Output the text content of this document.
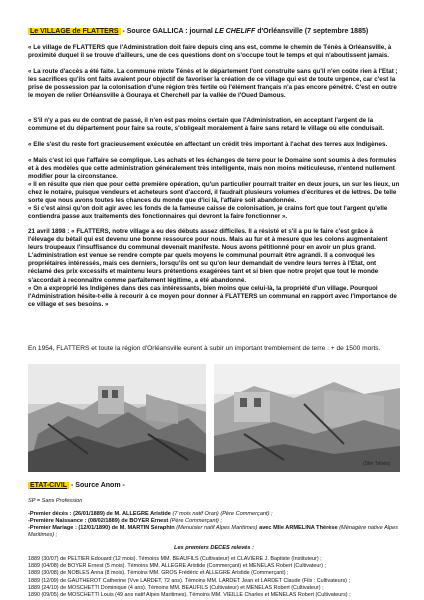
Le VILLAGE de FLATTERS - Source GALLICA : journal LE CHELIFF d'Orléansville (7 septembre 1885)

« Le village de FLATTERS que l'Administration doit faire depuis cinq ans est, comme le chemin de Ténès à Orléansville, à proximité duquel il se trouve d'ailleurs, une de ces questions dont on s'occupe tout le temps et qui n'aboutissent jamais.

« La route d'accès a été faite. La commune mixte Ténès et le département l'ont construite sans qu'il n'en coûte rien à l'Etat ; les sacrifices qu'ils ont faits avaient pour objectif de favoriser la création de ce village qui est de toute urgence, car c'est la prise de possession par la colonisation d'une région très fertile où l'élément français n'a pas encore pénétré. C'est en outre le moyen de relier Orléansville à Gouraya et Cherchell par la vallée de l'Oued Damous.

« S'il n'y a pas eu de contrat de passé, il n'en est pas moins certain que l'Administration, en acceptant l'argent de la commune et du département pour faire sa route, s'obligeait moralement à faire sans retard le village où elle conduisait.

« Elle s'est du reste fort gracieusement exécutée en affectant un crédit très important à l'achat des terres aux Indigènes.

« Mais c'est ici que l'affaire se complique. Les achats et les échanges de terre pour le Domaine sont soumis à des formules et à des modèles que cette administration généralement très intelligente, mais non moins méticuleuse, n'entend nullement modifier pour la circonstance.

« Il en résulte que rien que pour cette première opération, qu'un particulier pourrait traiter en deux jours, un sur les lieux, un chez le notaire, puisque vendeurs et acheteurs sont d'accord, il faudrait plusieurs volumes d'écritures et de lettres. De telle sorte que nous avons toutes les chances du monde que d'ici là, l'affaire soit abandonnée.

« Si c'est ainsi qu'on doit agir avec les fonds de la fameuse caisse de colonisation, je crains fort que tout l'argent qu'elle contiendra passe aux traitements des fonctionnaires qui devront la faire fonctionner ».

21 avril 1898 : « FLATTERS, notre village a eu des débuts assez difficiles. Il a résisté et s'il a pu le faire c'est grâce à l'élevage du bétail qui est devenu une bonne ressource pour nous. Mais au fur et à mesure que les colons augmentaient leurs troupeaux l'insuffisance du communal devenait manifeste. Nous avons pétitionné pour en avoir un plus grand. L'administration est venue se rendre compte par quels moyens le communal pourrait être agrandi. Il a convoqué les propriétaires intéressés, mais ces derniers, lorsqu'ils ont su qu'on leur demandait de vendre leurs terres à l'Etat, ont réclamé des prix excessifs et maintenu leurs prétentions exagérées tant et si bien que notre projet que tout le monde s'accordait à reconnaître comme parfaitement légitime, a été abandonné.

« On a exproprié les Indigènes dans des cas intéressants, bien moins que celui-là, la propriété d'un village. Pourquoi l'Administration hésite-t-elle à recourir à ce moyen pour donner à FLATTERS un communal en rapport avec l'importance de ce village et ses besoins. »

En 1954, FLATTERS et toute la région d'Orléansville eurent à subir un important tremblement de terre : + de 1500 morts.
(Site Ténès)
ETAT-CIVIL - Source Anom -
SP = Sans Profession
-Premier décès : (26/01/1889) de M. ALLEGRE Aristide (7 mois natif Oran) (Père Commerçant) ;
-Première Naissance : (08/02/1889) de BOYER Ernest (Père Commerçant) ;
-Premier Mariage : (12/01/1890) de M. MARTIN Séraphin (Menuisier natif Alpes Maritimes) avec Mlle ARMELINA Thérèse (Ménagère native Alpes Maritimes) ;
Les premiers DECES relevés :
1889 (30/07) de PELTIER Edouard (12 mois). Témoins MM. BEAUFILS (Cultivateur) et CLAVIERE J. Baptiste (Instituteur) ;
1889 (04/08) de BOYER Ernest (5 mois). Témoins MM. ALLEGRE Aristide (Commerçant) et MENELAS Robert (Cultivateur) ;
1889 (30/08) de NOBLES Anna (8 mois). Témoins MM. GROS Frédéric et ALLEGRE Aristide (Commerçant) ;
1889 (12/09) de GAUTHEROT Catherine (Vve LARDET, 72 ans). Témoins MM. LARDET Jean et LARDET Claude (Fils : Cultivateurs) ;
1889 (24/10) de MOSCHETTI Dominique (4 ans). Témoins MM. BEAUFILS (Cultivateur) et MENELAS Robert (Cultivateur) ;
1890 (09/05) de MOSCHETTI Louis (49 ans natif Alpes Maritimes). Témoins MM. VIEILLE Charles et MENELAS Robert (Cultivateurs) ;
